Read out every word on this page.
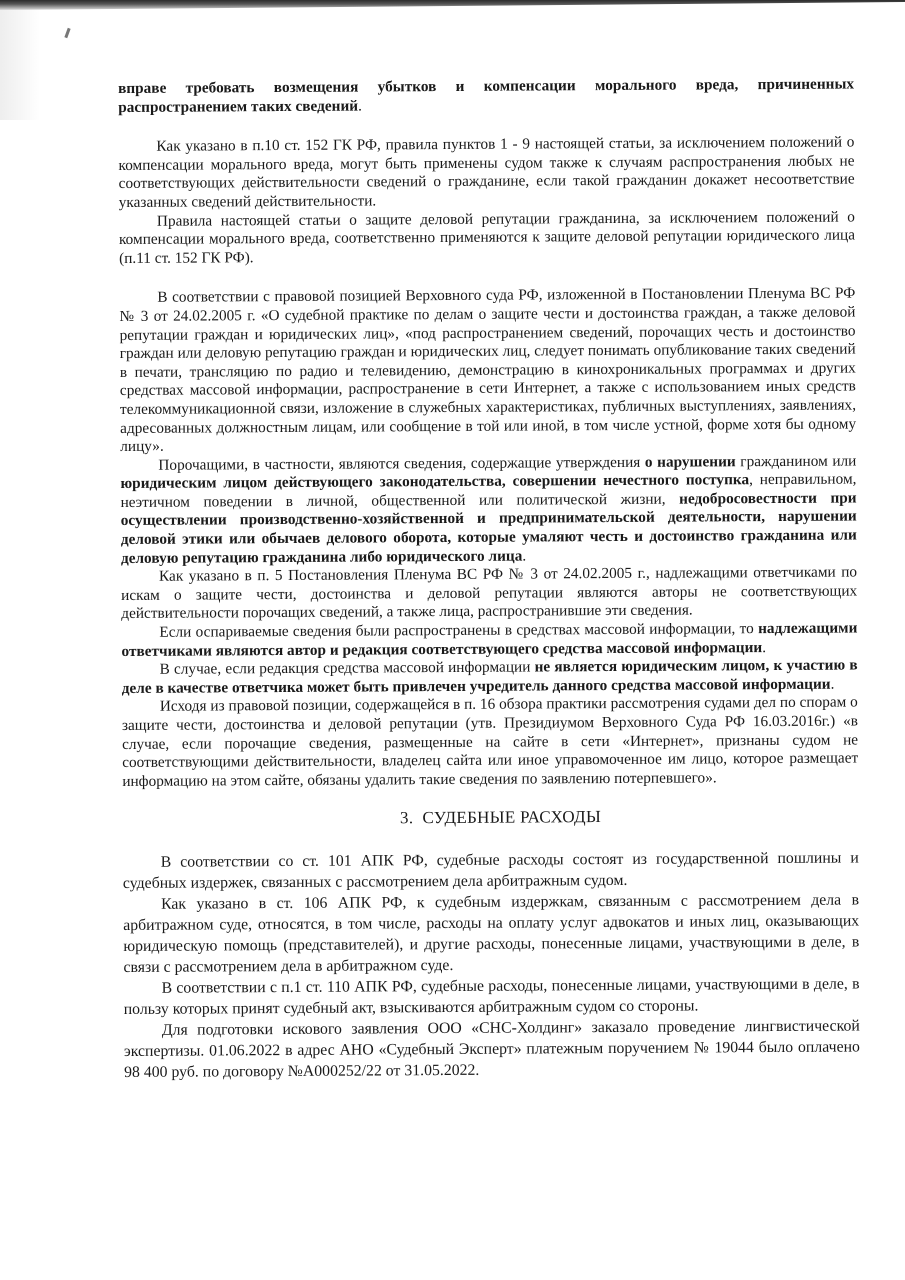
вправе требовать возмещения убытков и компенсации морального вреда, причиненных распространением таких сведений.

Как указано в п.10 ст. 152 ГК РФ, правила пунктов 1 - 9 настоящей статьи, за исключением положений о компенсации морального вреда, могут быть применены судом также к случаям распространения любых не соответствующих действительности сведений о гражданине, если такой гражданин докажет несоответствие указанных сведений действительности.

Правила настоящей статьи о защите деловой репутации гражданина, за исключением положений о компенсации морального вреда, соответственно применяются к защите деловой репутации юридического лица (п.11 ст. 152 ГК РФ).

В соответствии с правовой позицией Верховного суда РФ, изложенной в Постановлении Пленума ВС РФ № 3 от 24.02.2005 г. «О судебной практике по делам о защите чести и достоинства граждан, а также деловой репутации граждан и юридических лиц», «под распространением сведений, порочащих честь и достоинство граждан или деловую репутацию граждан и юридических лиц, следует понимать опубликование таких сведений в печати, трансляцию по радио и телевидению, демонстрацию в кинохроникальных программах и других средствах массовой информации, распространение в сети Интернет, а также с использованием иных средств телекоммуникационной связи, изложение в служебных характеристиках, публичных выступлениях, заявлениях, адресованных должностным лицам, или сообщение в той или иной, в том числе устной, форме хотя бы одному лицу».

Порочащими, в частности, являются сведения, содержащие утверждения о нарушении гражданином или юридическим лицом действующего законодательства, совершении нечестного поступка, неправильном, неэтичном поведении в личной, общественной или политической жизни, недобросовестности при осуществлении производственно-хозяйственной и предпринимательской деятельности, нарушении деловой этики или обычаев делового оборота, которые умаляют честь и достоинство гражданина или деловую репутацию гражданина либо юридического лица.

Как указано в п. 5 Постановления Пленума ВС РФ № 3 от 24.02.2005 г., надлежащими ответчиками по искам о защите чести, достоинства и деловой репутации являются авторы не соответствующих действительности порочащих сведений, а также лица, распространившие эти сведения.

Если оспариваемые сведения были распространены в средствах массовой информации, то надлежащими ответчиками являются автор и редакция соответствующего средства массовой информации.

В случае, если редакция средства массовой информации не является юридическим лицом, к участию в деле в качестве ответчика может быть привлечен учредитель данного средства массовой информации.

Исходя из правовой позиции, содержащейся в п. 16 обзора практики рассмотрения судами дел по спорам о защите чести, достоинства и деловой репутации (утв. Президиумом Верховного Суда РФ 16.03.2016г.) «в случае, если порочащие сведения, размещенные на сайте в сети «Интернет», признаны судом не соответствующими действительности, владелец сайта или иное управомоченное им лицо, которое размещает информацию на этом сайте, обязаны удалить такие сведения по заявлению потерпевшего».

3. СУДЕБНЫЕ РАСХОДЫ

В соответствии со ст. 101 АПК РФ, судебные расходы состоят из государственной пошлины и судебных издержек, связанных с рассмотрением дела арбитражным судом.

Как указано в ст. 106 АПК РФ, к судебным издержкам, связанным с рассмотрением дела в арбитражном суде, относятся, в том числе, расходы на оплату услуг адвокатов и иных лиц, оказывающих юридическую помощь (представителей), и другие расходы, понесенные лицами, участвующими в деле, в связи с рассмотрением дела в арбитражном суде.

В соответствии с п.1 ст. 110 АПК РФ, судебные расходы, понесенные лицами, участвующими в деле, в пользу которых принят судебный акт, взыскиваются арбитражным судом со стороны.

Для подготовки искового заявления ООО «СНС-Холдинг» заказало проведение лингвистической экспертизы. 01.06.2022 в адрес АНО «Судебный Эксперт» платежным поручением № 19044 было оплачено 98 400 руб. по договору №А000252/22 от 31.05.2022.
